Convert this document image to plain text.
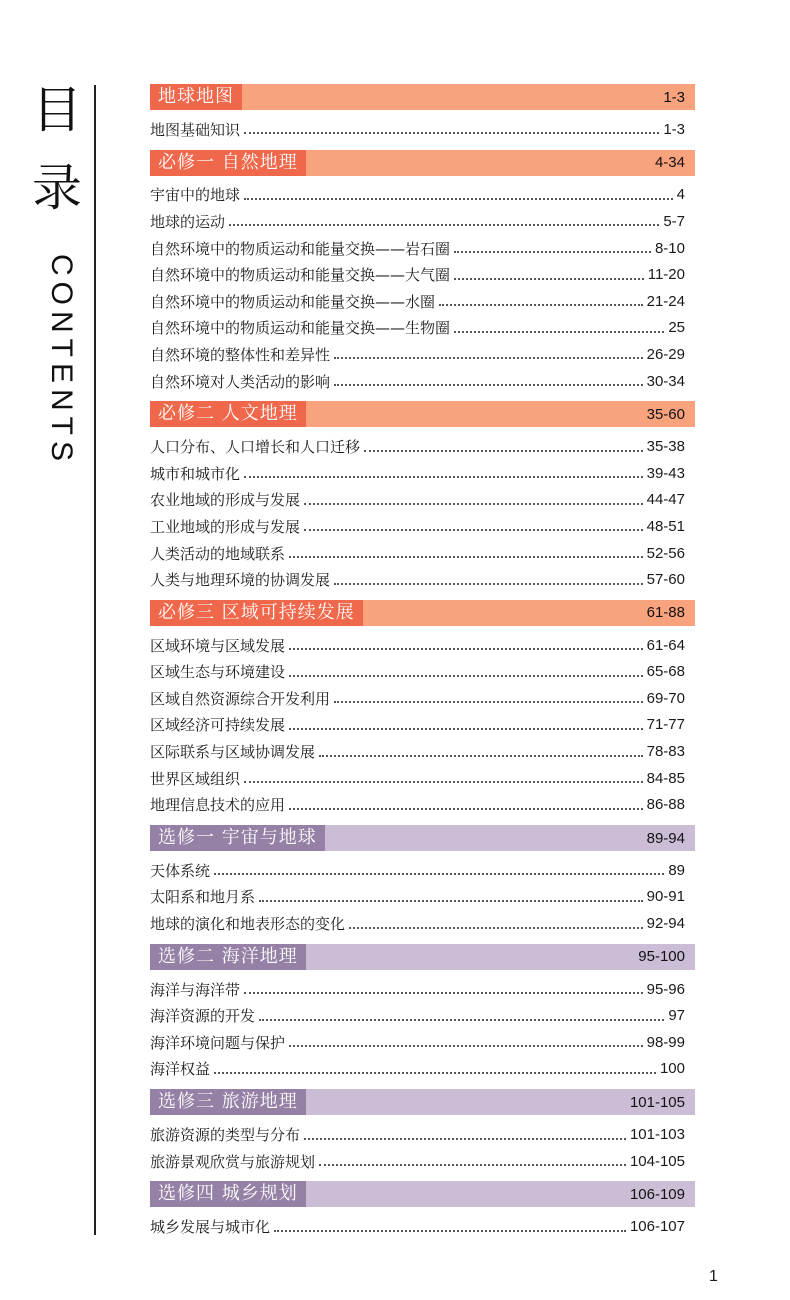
目
录
CONTENTS
地球地图	1-3
地图基础知识	1-3
必修一 自然地理	4-34
宇宙中的地球	4
地球的运动	5-7
自然环境中的物质运动和能量交换——岩石圈	8-10
自然环境中的物质运动和能量交换——大气圈	11-20
自然环境中的物质运动和能量交换——水圈	21-24
自然环境中的物质运动和能量交换——生物圈	25
自然环境的整体性和差异性	26-29
自然环境对人类活动的影响	30-34
必修二 人文地理	35-60
人口分布、人口增长和人口迁移	35-38
城市和城市化	39-43
农业地域的形成与发展	44-47
工业地域的形成与发展	48-51
人类活动的地域联系	52-56
人类与地理环境的协调发展	57-60
必修三 区域可持续发展	61-88
区域环境与区域发展	61-64
区域生态与环境建设	65-68
区域自然资源综合开发利用	69-70
区域经济可持续发展	71-77
区际联系与区域协调发展	78-83
世界区域组织	84-85
地理信息技术的应用	86-88
选修一 宇宙与地球	89-94
天体系统	89
太阳系和地月系	90-91
地球的演化和地表形态的变化	92-94
选修二 海洋地理	95-100
海洋与海洋带	95-96
海洋资源的开发	97
海洋环境问题与保护	98-99
海洋权益	100
选修三 旅游地理	101-105
旅游资源的类型与分布	101-103
旅游景观欣赏与旅游规划	104-105
选修四 城乡规划	106-109
城乡发展与城市化	106-107
1
